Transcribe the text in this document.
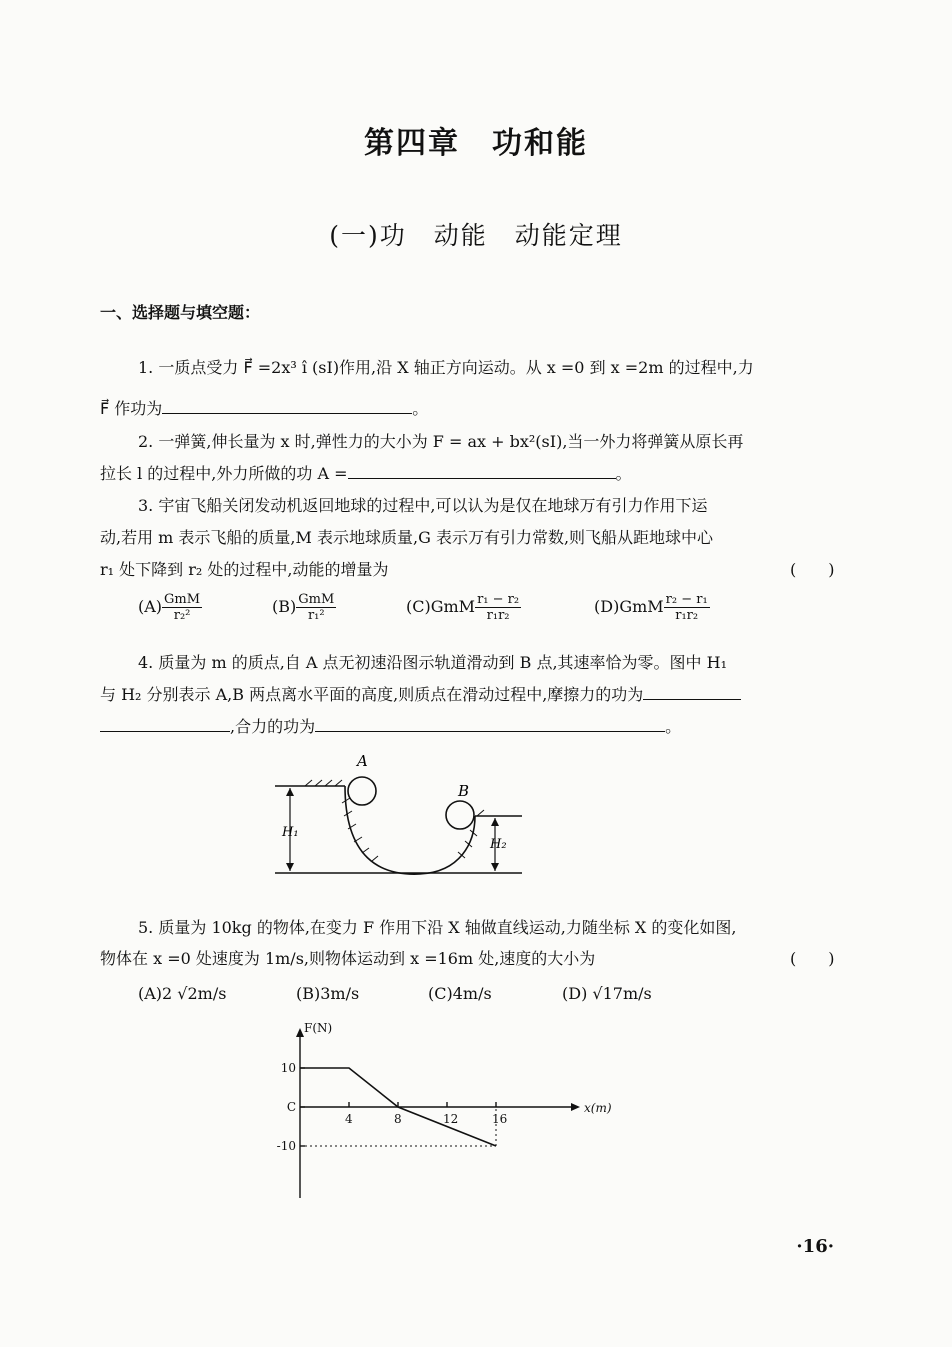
第四章　功和能
(一)功　动能　动能定理
一、选择题与填空题：
1. 一质点受力 F⃗ =2x³ î (sI)作用,沿 X 轴正方向运动。从 x =0 到 x =2m 的过程中,力
F⃗ 作功为	。
2. 一弹簧,伸长量为 x 时,弹性力的大小为 F = ax + bx²(sI),当一外力将弹簧从原长再
拉长 l 的过程中,外力所做的功 A =	。
3. 宇宙飞船关闭发动机返回地球的过程中,可以认为是仅在地球万有引力作用下运
动,若用 m 表示飞船的质量,M 表示地球质量,G 表示万有引力常数,则飞船从距地球中心
r₁ 处下降到 r₂ 处的过程中,动能的增量为	(　　)
$(A) \frac{\text{GmM}}{\text{r₂²}}$	$(B) \frac{\text{GmM}}{\text{r₁²}}$	$(C)GmM \frac{\text{r₁ − r₂}}{\text{r₁r₂}}$	$(D)GmM \frac{\text{r₂ − r₁}}{\text{r₁r₂}}$
4. 质量为 m 的质点,自 A 点无初速沿图示轨道滑动到 B 点,其速率恰为零。图中 H₁
与 H₂ 分别表示 A,B 两点离水平面的高度,则质点在滑动过程中,摩擦力的功为
,合力的功为	。
A
B
H₁
H₂
5. 质量为 10kg 的物体,在变力 F 作用下沿 X 轴做直线运动,力随坐标 X 的变化如图,
物体在 x =0 处速度为 1m/s,则物体运动到 x =16m 处,速度的大小为	(　　)
(A)2 √2m/s	(B)3m/s	(C)4m/s	(D) √17m/s
4	8	12	16
10
C
-10
F(N)
x(m)
·16·
